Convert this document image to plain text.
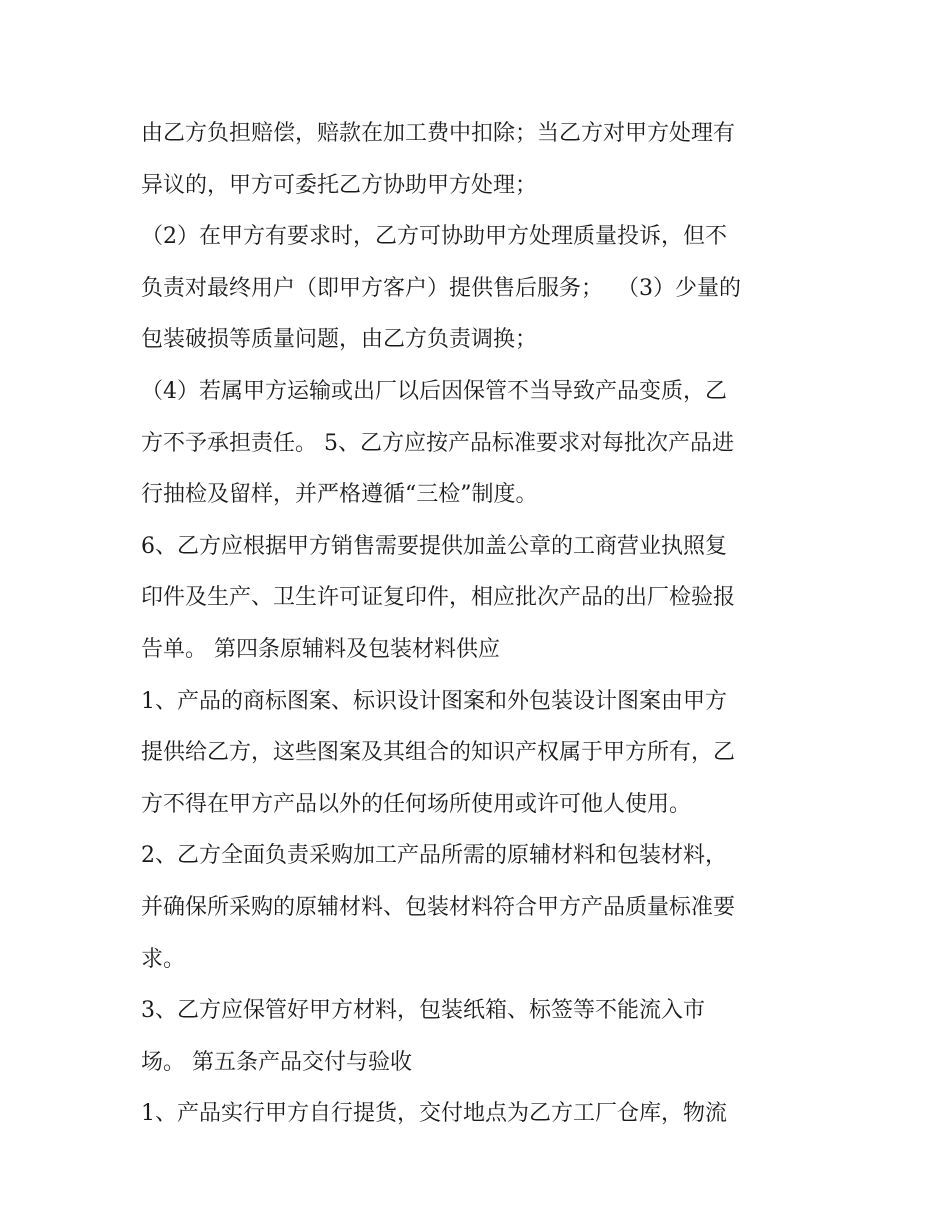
由乙方负担赔偿，赔款在加工费中扣除；当乙方对甲方处理有
异议的，甲方可委托乙方协助甲方处理；
（2）在甲方有要求时，乙方可协助甲方处理质量投诉，但不
负责对最终用户（即甲方客户）提供售后服务；  （3）少量的
包装破损等质量问题，由乙方负责调换；
（4）若属甲方运输或出厂以后因保管不当导致产品变质，乙
方不予承担责任。 5、乙方应按产品标准要求对每批次产品进
行抽检及留样，并严格遵循“三检”制度。
6、乙方应根据甲方销售需要提供加盖公章的工商营业执照复
印件及生产、卫生许可证复印件，相应批次产品的出厂检验报
告单。 第四条原辅料及包装材料供应
1、产品的商标图案、标识设计图案和外包装设计图案由甲方
提供给乙方，这些图案及其组合的知识产权属于甲方所有，乙
方不得在甲方产品以外的任何场所使用或许可他人使用。
2、乙方全面负责采购加工产品所需的原辅材料和包装材料，
并确保所采购的原辅材料、包装材料符合甲方产品质量标准要
求。
3、乙方应保管好甲方材料，包装纸箱、标签等不能流入市
场。 第五条产品交付与验收
1、产品实行甲方自行提货，交付地点为乙方工厂仓库，物流
